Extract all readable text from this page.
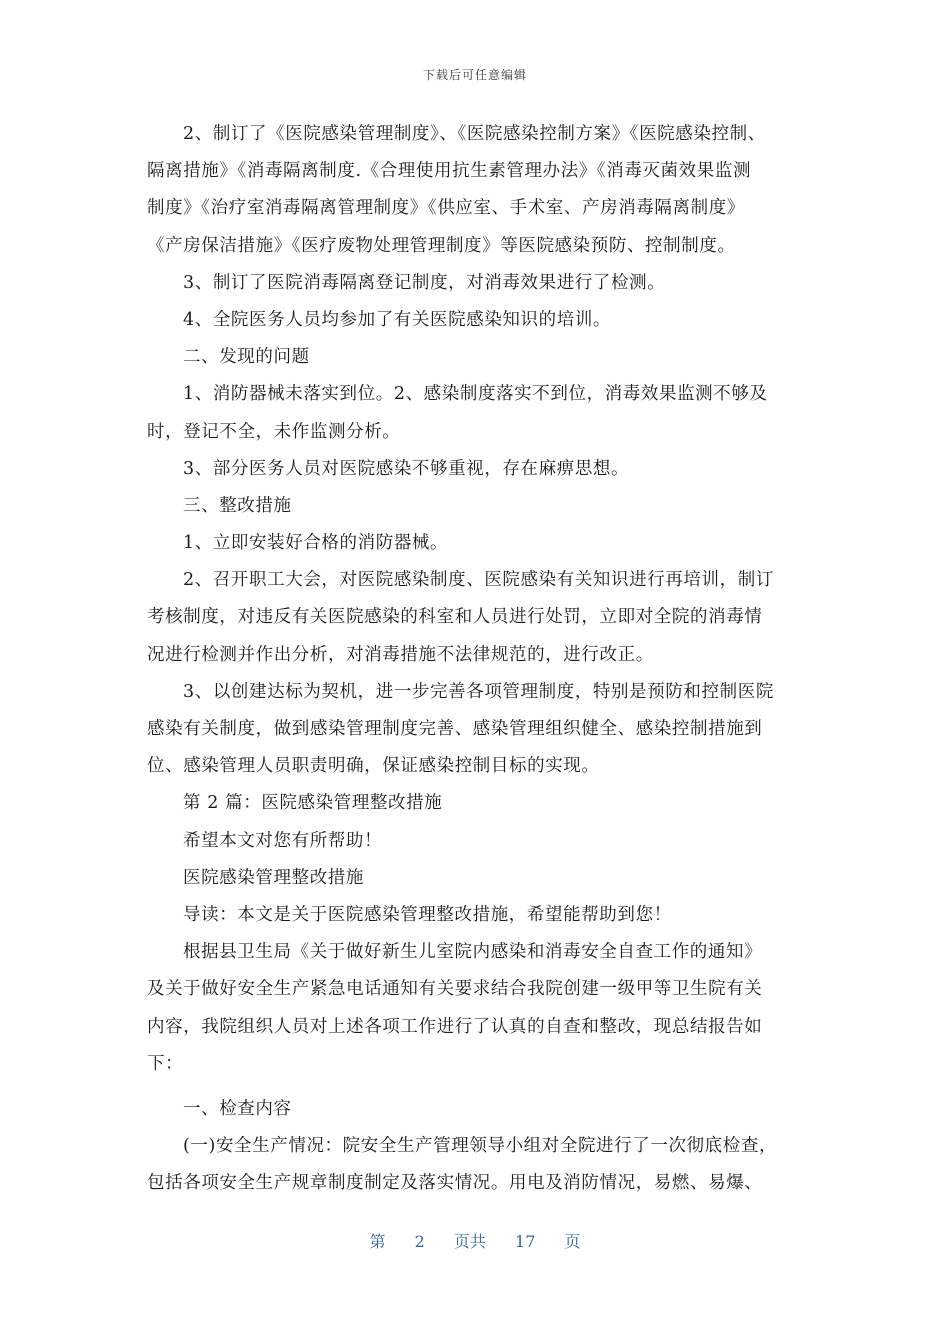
下载后可任意编辑
2、制订了《医院感染管理制度》、《医院感染控制方案》《医院感染控制、
隔离措施》《消毒隔离制度.《合理使用抗生素管理办法》《消毒灭菌效果监测
制度》《治疗室消毒隔离管理制度》《供应室、手术室、产房消毒隔离制度》
《产房保洁措施》《医疗废物处理管理制度》等医院感染预防、控制制度。
3、制订了医院消毒隔离登记制度，对消毒效果进行了检测。
4、全院医务人员均参加了有关医院感染知识的培训。
二、发现的问题
1、消防器械未落实到位。2、感染制度落实不到位，消毒效果监测不够及
时，登记不全，未作监测分析。
3、部分医务人员对医院感染不够重视，存在麻痹思想。
三、整改措施
1、立即安装好合格的消防器械。
2、召开职工大会，对医院感染制度、医院感染有关知识进行再培训，制订
考核制度，对违反有关医院感染的科室和人员进行处罚，立即对全院的消毒情
况进行检测并作出分析，对消毒措施不法律规范的，进行改正。
3、以创建达标为契机，进一步完善各项管理制度，特别是预防和控制医院
感染有关制度，做到感染管理制度完善、感染管理组织健全、感染控制措施到
位、感染管理人员职责明确，保证感染控制目标的实现。
第 2 篇：医院感染管理整改措施
希望本文对您有所帮助！
医院感染管理整改措施
导读：本文是关于医院感染管理整改措施，希望能帮助到您！
根据县卫生局《关于做好新生儿室院内感染和消毒安全自查工作的通知》
及关于做好安全生产紧急电话通知有关要求结合我院创建一级甲等卫生院有关
内容，我院组织人员对上述各项工作进行了认真的自查和整改，现总结报告如
下：
一、检查内容
(一)安全生产情况：院安全生产管理领导小组对全院进行了一次彻底检查，
包括各项安全生产规章制度制定及落实情况。用电及消防情况，易燃、易爆、
第 2 页共 17 页
